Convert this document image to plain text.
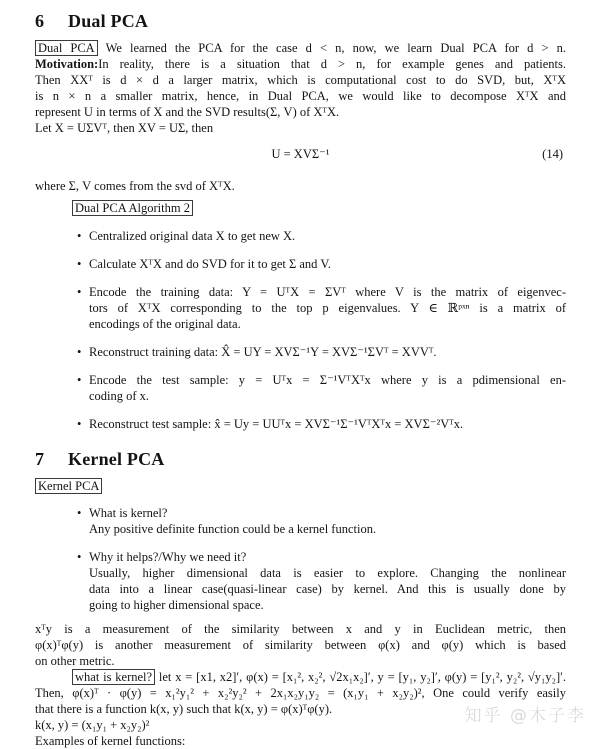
6 Dual PCA
Dual PCA We learned the PCA for the case d < n, now, we learn Dual PCA for d > n.
Motivation:In reality, there is a situation that d > n, for example genes and patients.
Then XXᵀ is d × d a larger matrix, which is computational cost to do SVD, but, XᵀX
is n × n a smaller matrix, hence, in Dual PCA, we would like to decompose XᵀX and
represent U in terms of X and the SVD results(Σ, V) of XᵀX.
Let X = UΣVᵀ, then XV = UΣ, then
U = XVΣ⁻¹	(14)
where Σ, V comes from the svd of XᵀX.
Dual PCA Algorithm 2
• Centralized original data X to get new X.
• Calculate XᵀX and do SVD for it to get Σ and V.
• Encode the training data: Y = UᵀX = ΣVᵀ where V is the matrix of eigenvec-
tors of XᵀX corresponding to the top p eigenvalues. Y ∈ ℝᵖˣⁿ is a matrix of
encodings of the original data.
• Reconstruct training data: X̂ = UY = XVΣ⁻¹Y = XVΣ⁻¹ΣVᵀ = XVVᵀ.
• Encode the test sample: y = Uᵀx = Σ⁻¹VᵀXᵀx where y is a pdimensional en-
coding of x.
• Reconstruct test sample: x̂ = Uy = UUᵀx = XVΣ⁻¹Σ⁻¹VᵀXᵀx = XVΣ⁻²Vᵀx.
7 Kernel PCA
Kernel PCA
• What is kernel?
Any positive definite function could be a kernel function.
• Why it helps?/Why we need it?
Usually, higher dimensional data is easier to explore. Changing the nonlinear
data into a linear case(quasi-linear case) by kernel. And this is usually done by
going to higher dimensional space.
xᵀy is a measurement of the similarity between x and y in Euclidean metric, then
φ(x)ᵀφ(y) is another measurement of similarity between φ(x) and φ(y) which is based
on other metric.
what is kernel? let x = [x1, x2]′, φ(x) = [x₁², x₂², √2x₁x₂]′, y = [y₁, y₂]′, φ(y) = [y₁², y₂², √y₁y₂]′.
Then, φ(x)ᵀ · φ(y) = x₁²y₁² + x₂²y₂² + 2x₁x₂y₁y₂ = (x₁y₁ + x₂y₂)², One could verify easily
that there is a function k(x, y) such that k(x, y) = φ(x)ᵀφ(y).
k(x, y) = (x₁y₁ + x₂y₂)²
Examples of kernel functions:
知乎 @木子李
